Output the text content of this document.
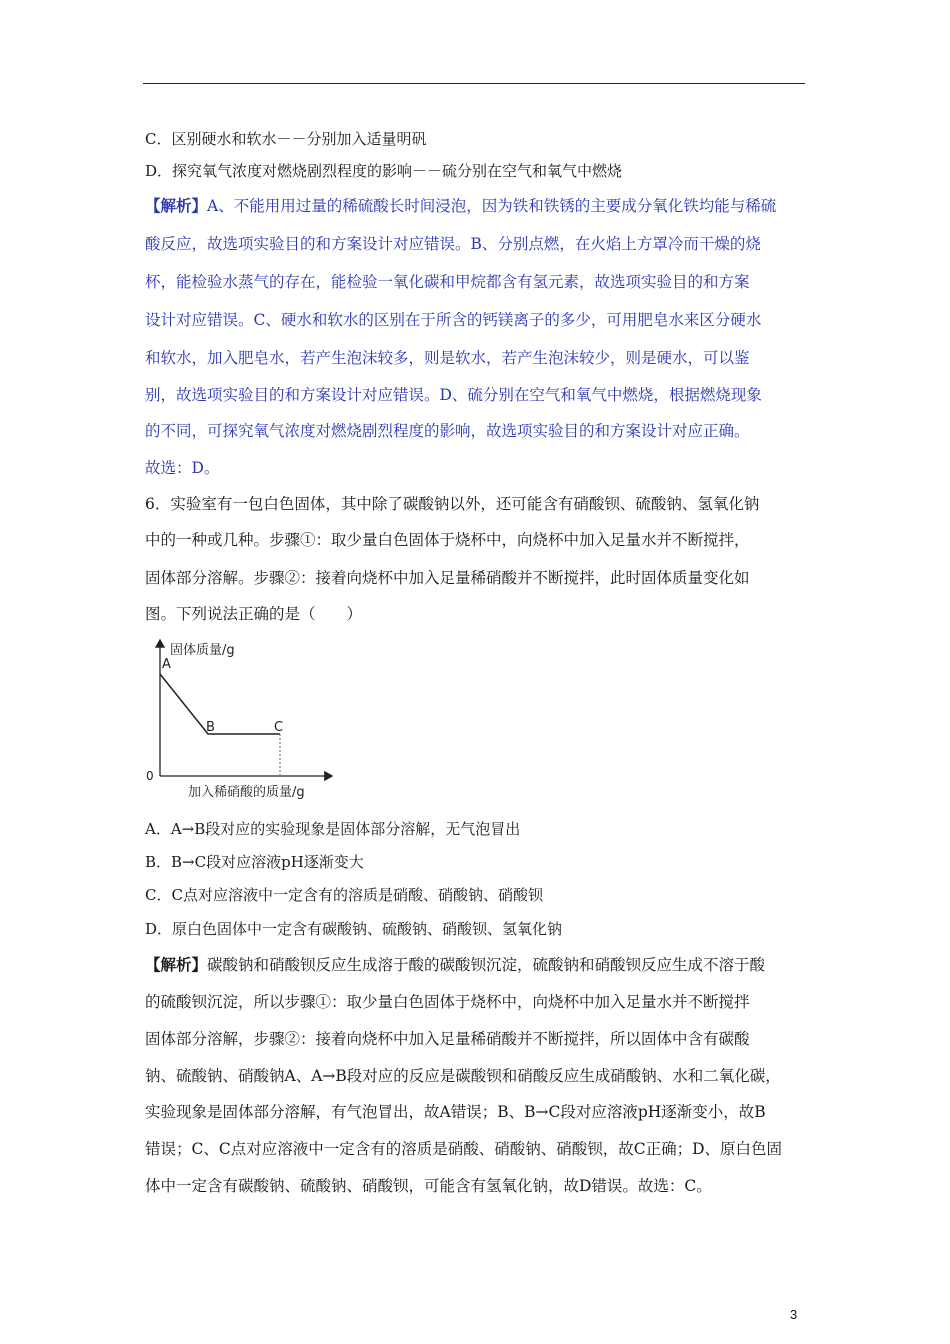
C．区别硬水和软水－－分别加入适量明矾
D．探究氧气浓度对燃烧剧烈程度的影响－－硫分别在空气和氧气中燃烧
【解析】A、不能用用过量的稀硫酸长时间浸泡，因为铁和铁锈的主要成分氧化铁均能与稀硫
酸反应，故选项实验目的和方案设计对应错误。B、分别点燃，在火焰上方罩冷而干燥的烧
杯，能检验水蒸气的存在，能检验一氧化碳和甲烷都含有氢元素，故选项实验目的和方案
设计对应错误。C、硬水和软水的区别在于所含的钙镁离子的多少，可用肥皂水来区分硬水
和软水，加入肥皂水，若产生泡沫较多，则是软水，若产生泡沫较少，则是硬水，可以鉴
别，故选项实验目的和方案设计对应错误。D、硫分别在空气和氧气中燃烧，根据燃烧现象
的不同，可探究氧气浓度对燃烧剧烈程度的影响，故选项实验目的和方案设计对应正确。
故选：D。
6．实验室有一包白色固体，其中除了碳酸钠以外，还可能含有硝酸钡、硫酸钠、氢氧化钠
中的一种或几种。步骤①：取少量白色固体于烧杯中，向烧杯中加入足量水并不断搅拌，
固体部分溶解。步骤②：接着向烧杯中加入足量稀硝酸并不断搅拌，此时固体质量变化如
图。下列说法正确的是（　　）
固体质量/g
加入稀硝酸的质量/g
0
A
B	C
A．A→B段对应的实验现象是固体部分溶解，无气泡冒出
B．B→C段对应溶液pH逐渐变大
C．C点对应溶液中一定含有的溶质是硝酸、硝酸钠、硝酸钡
D．原白色固体中一定含有碳酸钠、硫酸钠、硝酸钡、氢氧化钠
【解析】碳酸钠和硝酸钡反应生成溶于酸的碳酸钡沉淀，硫酸钠和硝酸钡反应生成不溶于酸
的硫酸钡沉淀，所以步骤①：取少量白色固体于烧杯中，向烧杯中加入足量水并不断搅拌
固体部分溶解，步骤②：接着向烧杯中加入足量稀硝酸并不断搅拌，所以固体中含有碳酸
钠、硫酸钠、硝酸钠A、A→B段对应的反应是碳酸钡和硝酸反应生成硝酸钠、水和二氧化碳，
实验现象是固体部分溶解，有气泡冒出，故A错误；B、B→C段对应溶液pH逐渐变小，故B
错误；C、C点对应溶液中一定含有的溶质是硝酸、硝酸钠、硝酸钡，故C正确；D、原白色固
体中一定含有碳酸钠、硫酸钠、硝酸钡，可能含有氢氧化钠，故D错误。故选：C。
3
